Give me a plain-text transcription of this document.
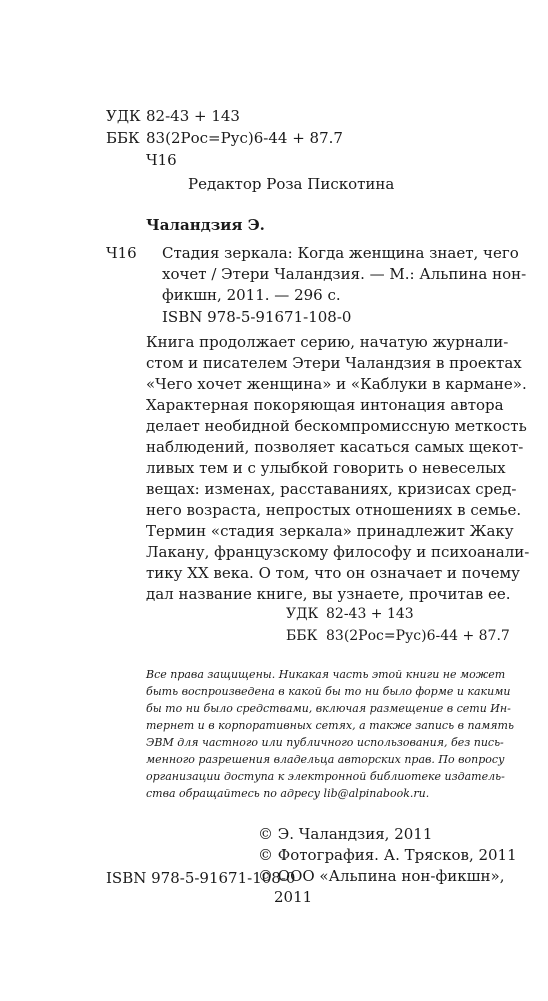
УДК 82-43 + 143
ББК 83(2Рос=Рус)6-44 + 87.7
Ч16
Редактор Роза Пискотина
Чаландзия Э.
Ч16 Стадия зеркала: Когда женщина знает, чего
хочет / Этери Чаландзия. — М.: Альпина нон-
фикшн, 2011. — 296 с.
ISBN 978-5-91671-108-0
Книга продолжает серию, начатую журнали-
стом и писателем Этери Чаландзия в проектах
«Чего хочет женщина» и «Каблуки в кармане».
Характерная покоряющая интонация автора
делает необидной бескомпромиссную меткость
наблюдений, позволяет касаться самых щекот-
ливых тем и с улыбкой говорить о невеселых
вещах: изменах, расставаниях, кризисах сред-
него возраста, непростых отношениях в семье.
Термин «стадия зеркала» принадлежит Жаку
Лакану, французскому философу и психоанали-
тику XX века. О том, что он означает и почему
дал название книге, вы узнаете, прочитав ее.
УДК 82-43 + 143
ББК 83(2Рос=Рус)6-44 + 87.7
Все права защищены. Никакая часть этой книги не может
быть воспроизведена в какой бы то ни было форме и какими
бы то ни было средствами, включая размещение в сети Ин-
тернет и в корпоративных сетях, а также запись в память
ЭВМ для частного или публичного использования, без пись-
менного разрешения владельца авторских прав. По вопросу
организации доступа к электронной библиотеке издатель-
ства обращайтесь по адресу lib@alpinabook.ru.
© Э. Чаландзия, 2011
© Фотография. А. Трясков, 2011
© ООО «Альпина нон-фикшн»,
2011
ISBN 978-5-91671-108-0
